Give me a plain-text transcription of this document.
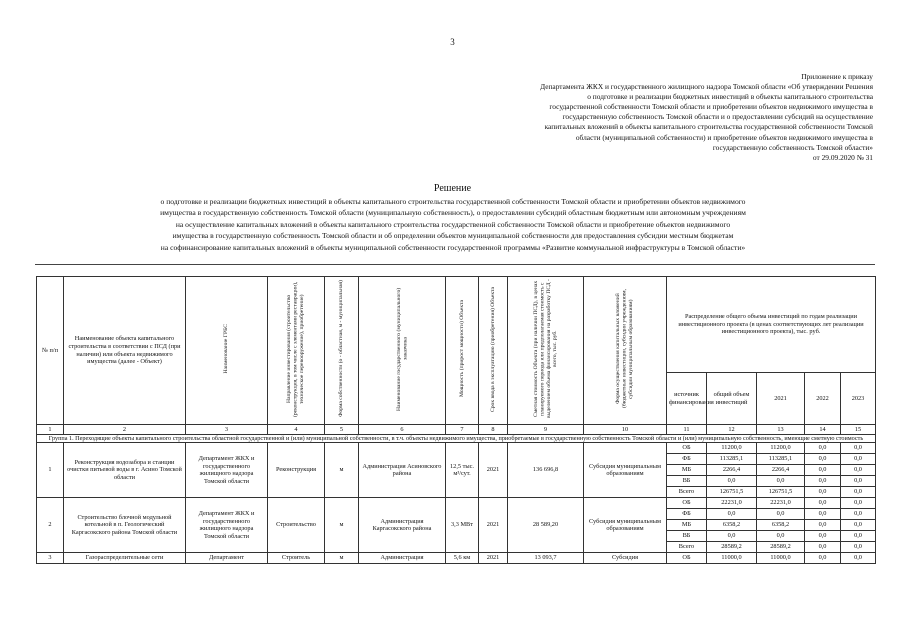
3
Приложение к приказу
Департамента ЖКХ и государственного жилищного надзора Томской области «Об утверждении Решения
о подготовке и реализации бюджетных инвестиций в объекты капитального строительства
государственной собственности Томской области и приобретении объектов недвижимого имущества в
государственную собственность Томской области и о предоставлении субсидий на осуществление
капитальных вложений в объекты капитального строительства государственной собственности Томской
области (муниципальной собственности) и приобретение объектов недвижимого имущества в
государственную собственность Томской области»
от 29.09.2020 № 31
Решение
о подготовке и реализации бюджетных инвестиций в объекты капитального строительства государственной собственности Томской области и приобретении объектов недвижимого
имущества в государственную собственность Томской области (муниципальную собственность), о предоставлении субсидий областным бюджетным или автономным учреждениям
на осуществление капитальных вложений в объекты капитального строительства государственной собственности Томской области и приобретение объектов недвижимого
имущества в государственную собственность Томской области и об определении объектов муниципальной собственности для предоставления субсидии местным бюджетам
на софинансирование капитальных вложений в объекты муниципальной собственности государственной программы «Развитие коммунальной инфраструктуры в Томской области»
№ п/п	Наименование объекта капитального строительства в соответствии с ПСД (при наличии) или объекта недвижимого имущества (далее - Объект)	Наименование ГРБС	Направление инвестирования (строительство (реконструкция, в том числе с элементами реставрации), техническое перевооружение), приобретение)	Форма собственности (о - областная, м - муниципальная)	Наименование государственного (муниципального) заказчика	Мощность (прирост мощности) Объекта	Срок ввода в эксплуатацию (приобретения) Объекта	Сметная стоимость Объекта (при наличии ПСД), в ценах планируемого периода или предполагаемая стоимость с выделением объема финансирования на разработку ПСД - всего, тыс. руб.	Форма осуществления капитальных вложений (бюджетные инвестиции, субсидии учреждениям, субсидии муниципальным образованиям)	Распределение общего объема инвестиций по годам реализации инвестиционного проекта (в ценах соответствующих лет реализации инвестиционного проекта), тыс. руб.				
										источник финансирования	общий объем инвестиций	2021	2022	2023
1	2	3	4	5	6	7	8	9	10	11	12	13	14	15
Группа 1. Переходящие объекты капитального строительства областной государственной и (или) муниципальной собственности, в т.ч. объекты недвижимого имущества, приобретаемые в государственную собственность Томской области и (или) муниципальную собственность, имеющие сметную стоимость														
1	Реконструкция водозабора и станции очистки питьевой воды в г. Асино Томской области	Департамент ЖКХ и государственного жилищного надзора Томской области	Реконструкция	м	Администрация Асиновского района	12,5 тыс. м³/сут.	2021	136 696,8	Субсидия муниципальным образованиям	ОБ	11200,0	11200,0	0,0	0,0
										ФБ	113285,1	113285,1	0,0	0,0
										МБ	2266,4	2266,4	0,0	0,0
										ВБ	0,0	0,0	0,0	0,0
										Всего	126751,5	126751,5	0,0	0,0
2	Строительство блочной модульной котельной в п. Геологический Каргасокского района Томской области	Департамент ЖКХ и государственного жилищного надзора Томской области	Строительство	м	Администрация Каргасокского района	3,3 МВт	2021	28 589,20	Субсидия муниципальным образованиям	ОБ	22231,0	22231,0	0,0	0,0
										ФБ	0,0	0,0	0,0	0,0
										МБ	6358,2	6358,2	0,0	0,0
										ВБ	0,0	0,0	0,0	0,0
										Всего	28589,2	28589,2	0,0	0,0
3	Газораспределительные сети	Департамент	Строитель	м	Администрация	5,6 км	2021	13 093,7	Субсидия	ОБ	11000,0	11000,0	0,0	0,0
